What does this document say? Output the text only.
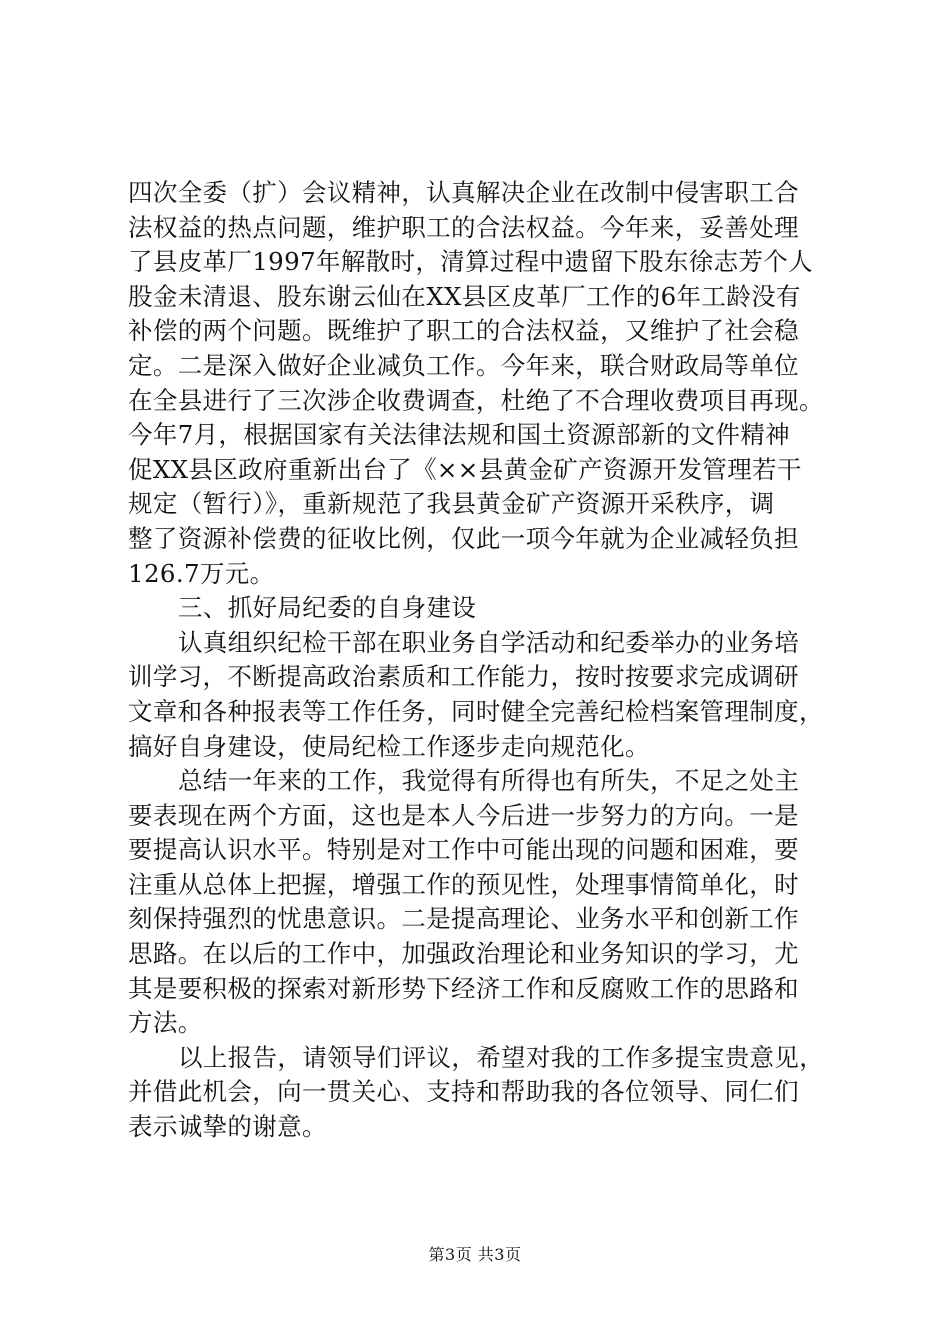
四次全委（扩）会议精神，认真解决企业在改制中侵害职工合
法权益的热点问题，维护职工的合法权益。今年来，妥善处理
了县皮革厂1997年解散时，清算过程中遗留下股东徐志芳个人
股金未清退、股东谢云仙在XX县区皮革厂工作的6年工龄没有
补偿的两个问题。既维护了职工的合法权益，又维护了社会稳
定。二是深入做好企业减负工作。今年来，联合财政局等单位
在全县进行了三次涉企收费调查，杜绝了不合理收费项目再现。
今年7月，根据国家有关法律法规和国土资源部新的文件精神
促XX县区政府重新出台了《××县黄金矿产资源开发管理若干
规定（暂行）》，重新规范了我县黄金矿产资源开采秩序，调
整了资源补偿费的征收比例，仅此一项今年就为企业减轻负担
126.7万元。
三、抓好局纪委的自身建设
认真组织纪检干部在职业务自学活动和纪委举办的业务培
训学习，不断提高政治素质和工作能力，按时按要求完成调研
文章和各种报表等工作任务，同时健全完善纪检档案管理制度，
搞好自身建设，使局纪检工作逐步走向规范化。
总结一年来的工作，我觉得有所得也有所失，不足之处主
要表现在两个方面，这也是本人今后进一步努力的方向。一是
要提高认识水平。特别是对工作中可能出现的问题和困难，要
注重从总体上把握，增强工作的预见性，处理事情简单化，时
刻保持强烈的忧患意识。二是提高理论、业务水平和创新工作
思路。在以后的工作中，加强政治理论和业务知识的学习，尤
其是要积极的探索对新形势下经济工作和反腐败工作的思路和
方法。
以上报告，请领导们评议，希望对我的工作多提宝贵意见，
并借此机会，向一贯关心、支持和帮助我的各位领导、同仁们
表示诚挚的谢意。
第3页 共3页
